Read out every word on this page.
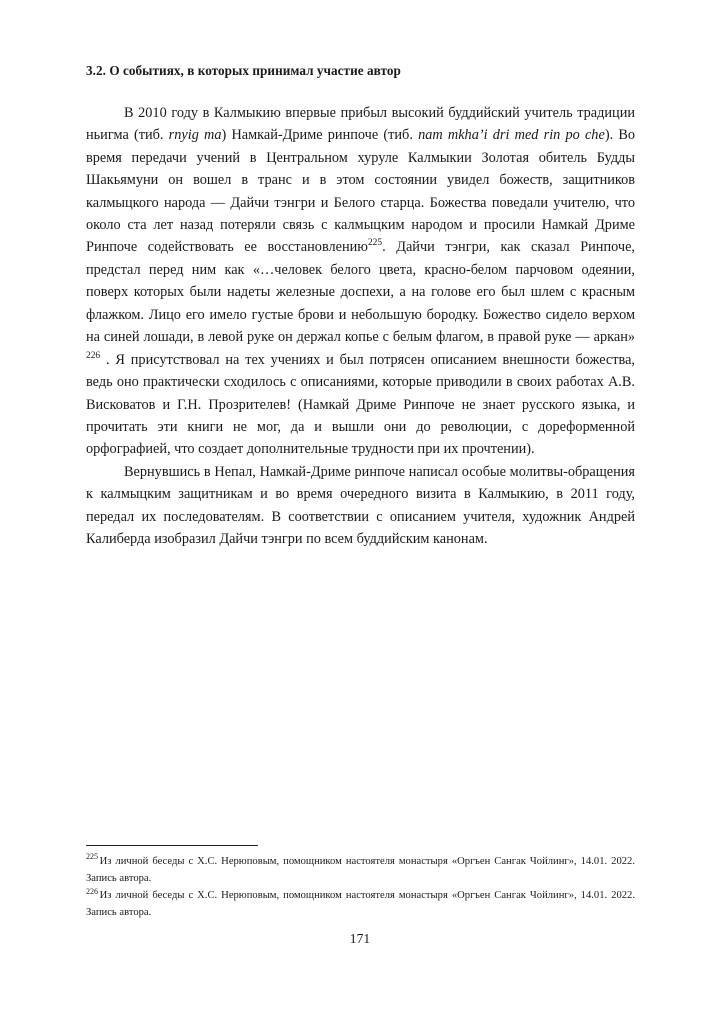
3.2. О событиях, в которых принимал участие автор

В 2010 году в Калмыкию впервые прибыл высокий буддийский учитель традиции ньигма (тиб. rnyig ma) Намкай-Дриме ринпоче (тиб. nam mkha’i dri med rin po che). Во время передачи учений в Центральном хуруле Калмыкии Золотая обитель Будды Шакьямуни он вошел в транс и в этом состоянии увидел божеств, защитников калмыцкого народа — Дайчи тэнгри и Белого старца. Божества поведали учителю, что около ста лет назад потеряли связь с калмыцким народом и просили Намкай Дриме Ринпоче содействовать ее восстановлению$^{225}$. Дайчи тэнгри, как сказал Ринпоче, предстал перед ним как «…человек белого цвета, красно-белом парчовом одеянии, поверх которых были надеты железные доспехи, а на голове его был шлем с красным флажком. Лицо его имело густые брови и небольшую бородку. Божество сидело верхом на синей лошади, в левой руке он держал копье с белым флагом, в правой руке — аркан» $^{226}$ . Я присутствовал на тех учениях и был потрясен описанием внешности божества, ведь оно практически сходилось с описаниями, которые приводили в своих работах А.В. Висковатов и Г.Н. Прозрителев! (Намкай Дриме Ринпоче не знает русского языка, и прочитать эти книги не мог, да и вышли они до революции, с дореформенной орфографией, что создает дополнительные трудности при их прочтении).

Вернувшись в Непал, Намкай-Дриме ринпоче написал особые молитвы-обращения к калмыцким защитникам и во время очередного визита в Калмыкию, в 2011 году, передал их последователям. В соответствии с описанием учителя, художник Андрей Калиберда изобразил Дайчи тэнгри по всем буддийским канонам.

$^{225}$ Из личной беседы с Х.С. Нерюповым, помощником настоятеля монастыря «Оргъен Сангак Чойлинг», 14.01. 2022. Запись автора.

$^{226}$ Из личной беседы с Х.С. Нерюповым, помощником настоятеля монастыря «Оргъен Сангак Чойлинг», 14.01. 2022. Запись автора.

171
